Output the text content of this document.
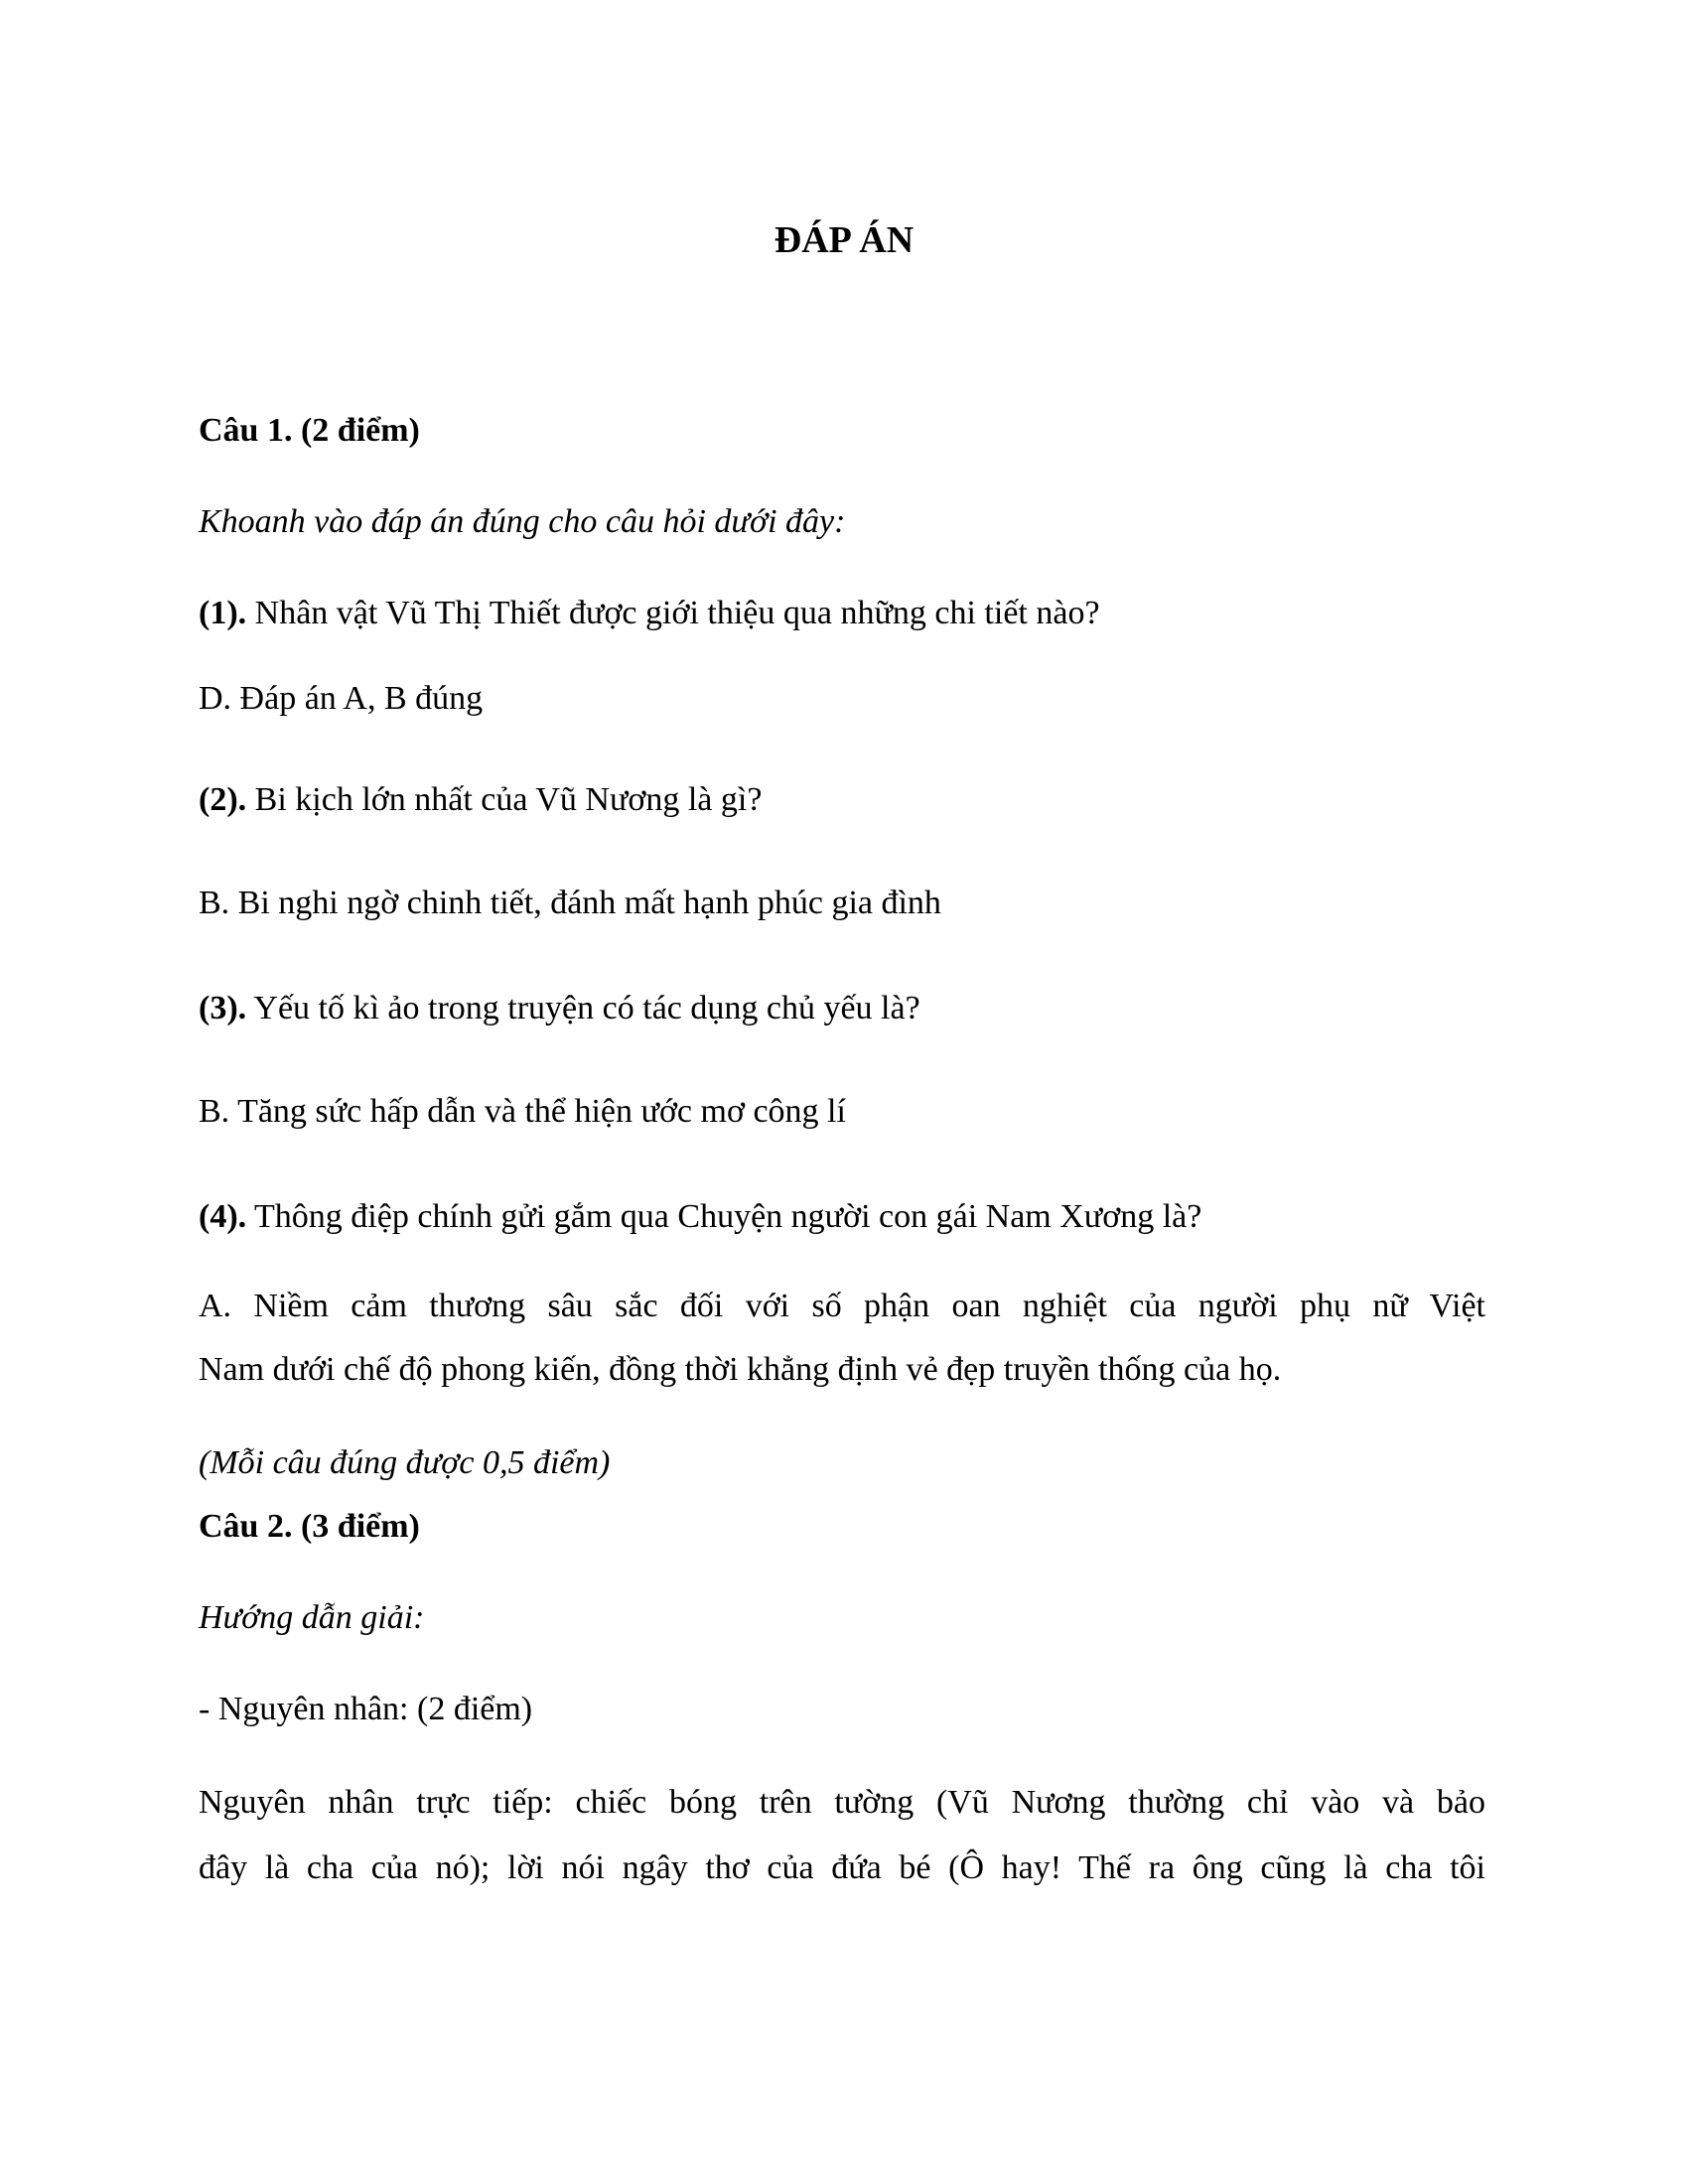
ĐÁP ÁN
Câu 1. (2 điểm)
Khoanh vào đáp án đúng cho câu hỏi dưới đây:
(1). Nhân vật Vũ Thị Thiết được giới thiệu qua những chi tiết nào?
D. Đáp án A, B đúng
(2). Bi kịch lớn nhất của Vũ Nương là gì?
B. Bi nghi ngờ chinh tiết, đánh mất hạnh phúc gia đình
(3). Yếu tố kì ảo trong truyện có tác dụng chủ yếu là?
B. Tăng sức hấp dẫn và thể hiện ước mơ công lí
(4). Thông điệp chính gửi gắm qua Chuyện người con gái Nam Xương là?
A. Niềm cảm thương sâu sắc đối với số phận oan nghiệt của người phụ nữ Việt
Nam dưới chế độ phong kiến, đồng thời khẳng định vẻ đẹp truyền thống của họ.
(Mỗi câu đúng được 0,5 điểm)
Câu 2. (3 điểm)
Hướng dẫn giải:
- Nguyên nhân: (2 điểm)
Nguyên nhân trực tiếp: chiếc bóng trên tường (Vũ Nương thường chỉ vào và bảo
đây là cha của nó); lời nói ngây thơ của đứa bé (Ô hay! Thế ra ông cũng là cha tôi
